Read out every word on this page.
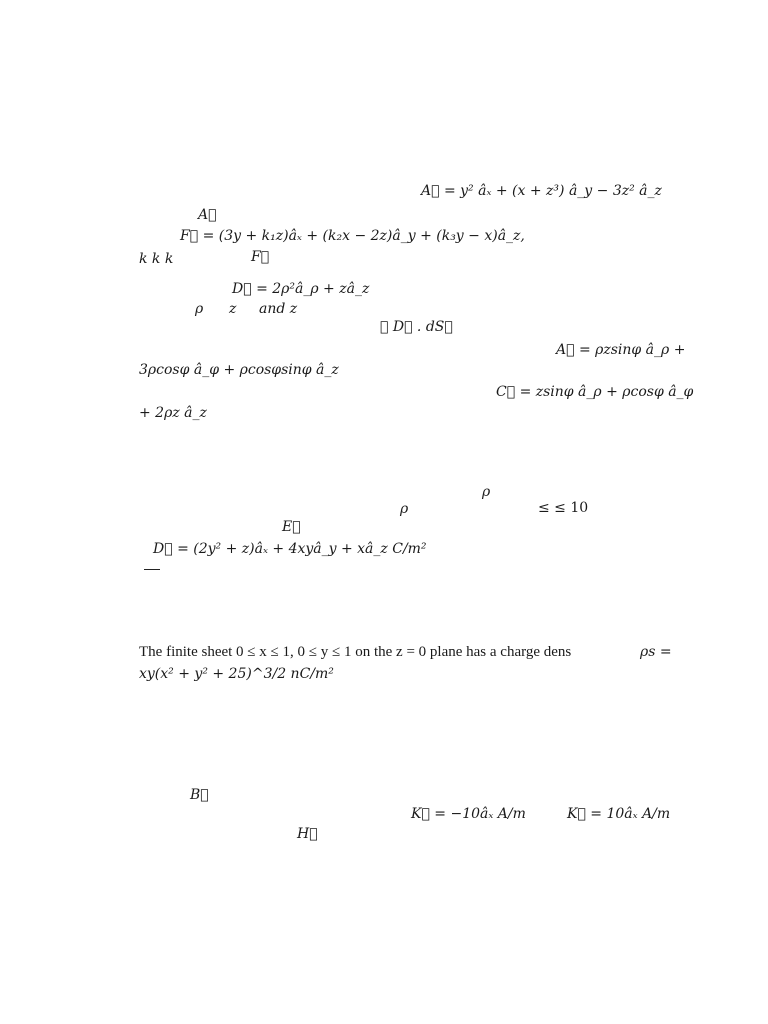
A⃗ = y² âₓ + (x + z³) â_y − 3z² â_z
A⃗
F⃗ = (3y + k₁z)âₓ + (k₂x − 2z)â_y + (k₃y − x)â_z,
k k k	F⃗
D⃗ = 2ρ²â_ρ + zâ_z
ρ z and z
∯ D⃗ . dS⃗
A⃗ = ρzsinφ â_ρ +
3ρcosφ â_φ + ρcosφsinφ â_z
C⃗ = zsinφ â_ρ + ρcosφ â_φ
+ 2ρz â_z
ρ
ρ	≤ ≤ 10
E⃗
D⃗ = (2y² + z)âₓ + 4xyâ_y + xâ_z C/m²
The finite sheet 0 ≤ x ≤ 1, 0 ≤ y ≤ 1 on the z = 0 plane has a charge dens	ρs =
xy(x² + y² + 25)^3/2 nC/m²
B⃗
K⃗ = −10âₓ A/m	K⃗ = 10âₓ A/m
H⃗
